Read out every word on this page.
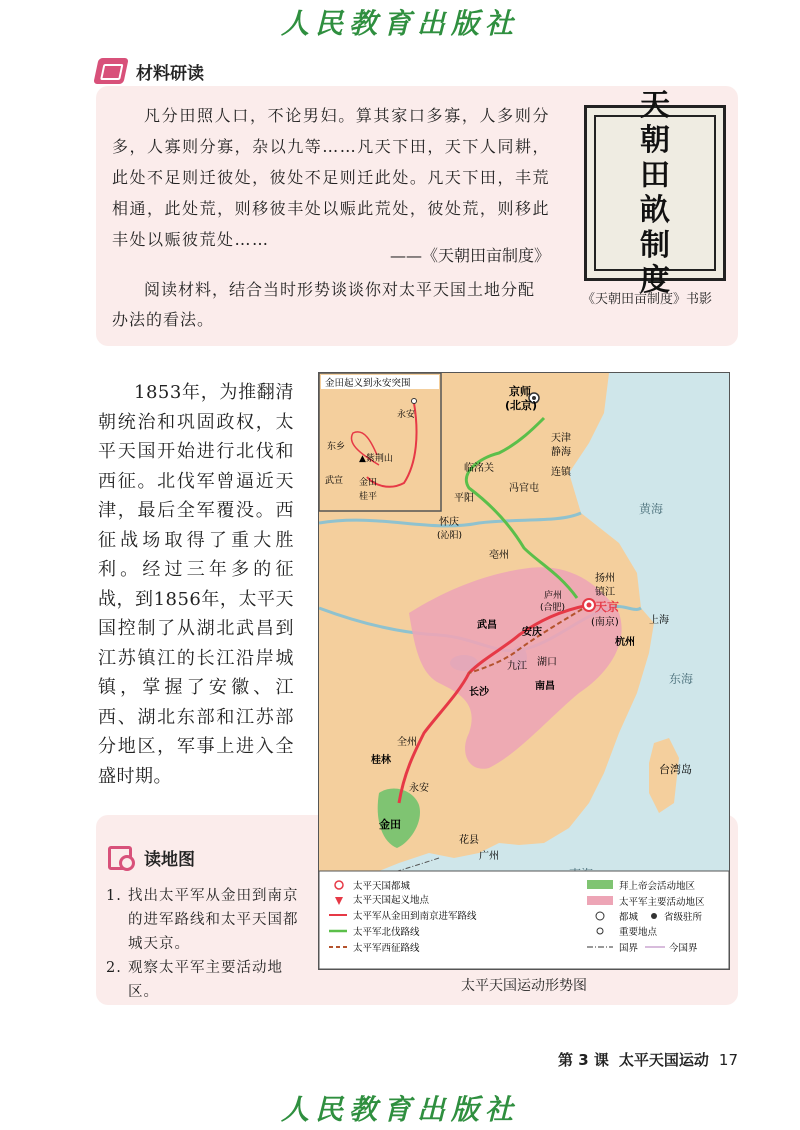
人民教育出版社
材料研读

凡分田照人口，不论男妇。算其家口多寡，人多则分多，人寡则分寡，杂以九等……凡天下田，天下人同耕，此处不足则迁彼处，彼处不足则迁此处。凡天下田，丰荒相通，此处荒，则移彼丰处以赈此荒处，彼处荒，则移此丰处以赈彼荒处……

——《天朝田亩制度》
阅读材料，结合当时形势谈谈你对太平天国土地分配办法的看法。
天
朝
田
畝
制
度
《天朝田亩制度》书影

1853年，为推翻清朝统治和巩固政权，太平天国开始进行北伐和西征。北伐军曾逼近天津，最后全军覆没。西征战场取得了重大胜利。经过三年多的征战，到1856年，太平天国控制了从湖北武昌到江苏镇江的长江沿岸城镇，掌握了安徽、江西、湖北东部和江苏部分地区，军事上进入全盛时期。

读地图
1. 找出太平军从金田到南京的进军路线和太平天国都城天京。
2. 观察太平军主要活动地区。
金田起义到永安突围
永安
东乡
▲紫荆山
武宣 金田
桂平
京师
(北京)
天津
静海
连镇
临洺关
冯官屯
平阳
怀庆
(沁阳)
亳州
扬州
镇江
天京
(南京)	上海
杭州
庐州
(合肥)
武昌
安庆
九江 湖口
南昌
长沙
全州
桂林
永安
金田
花县
广州
台湾岛
黄海
东海
太平天国都城
太平天国起义地点
太平军从金田到南京进军路线
太平军北伐路线
太平军西征路线
拜上帝会活动地区
太平军主要活动地区
都城	省级驻所
重要地点
国界	今国界
太平天国运动形势图
第 3 课 太平天国运动 17
人民教育出版社
